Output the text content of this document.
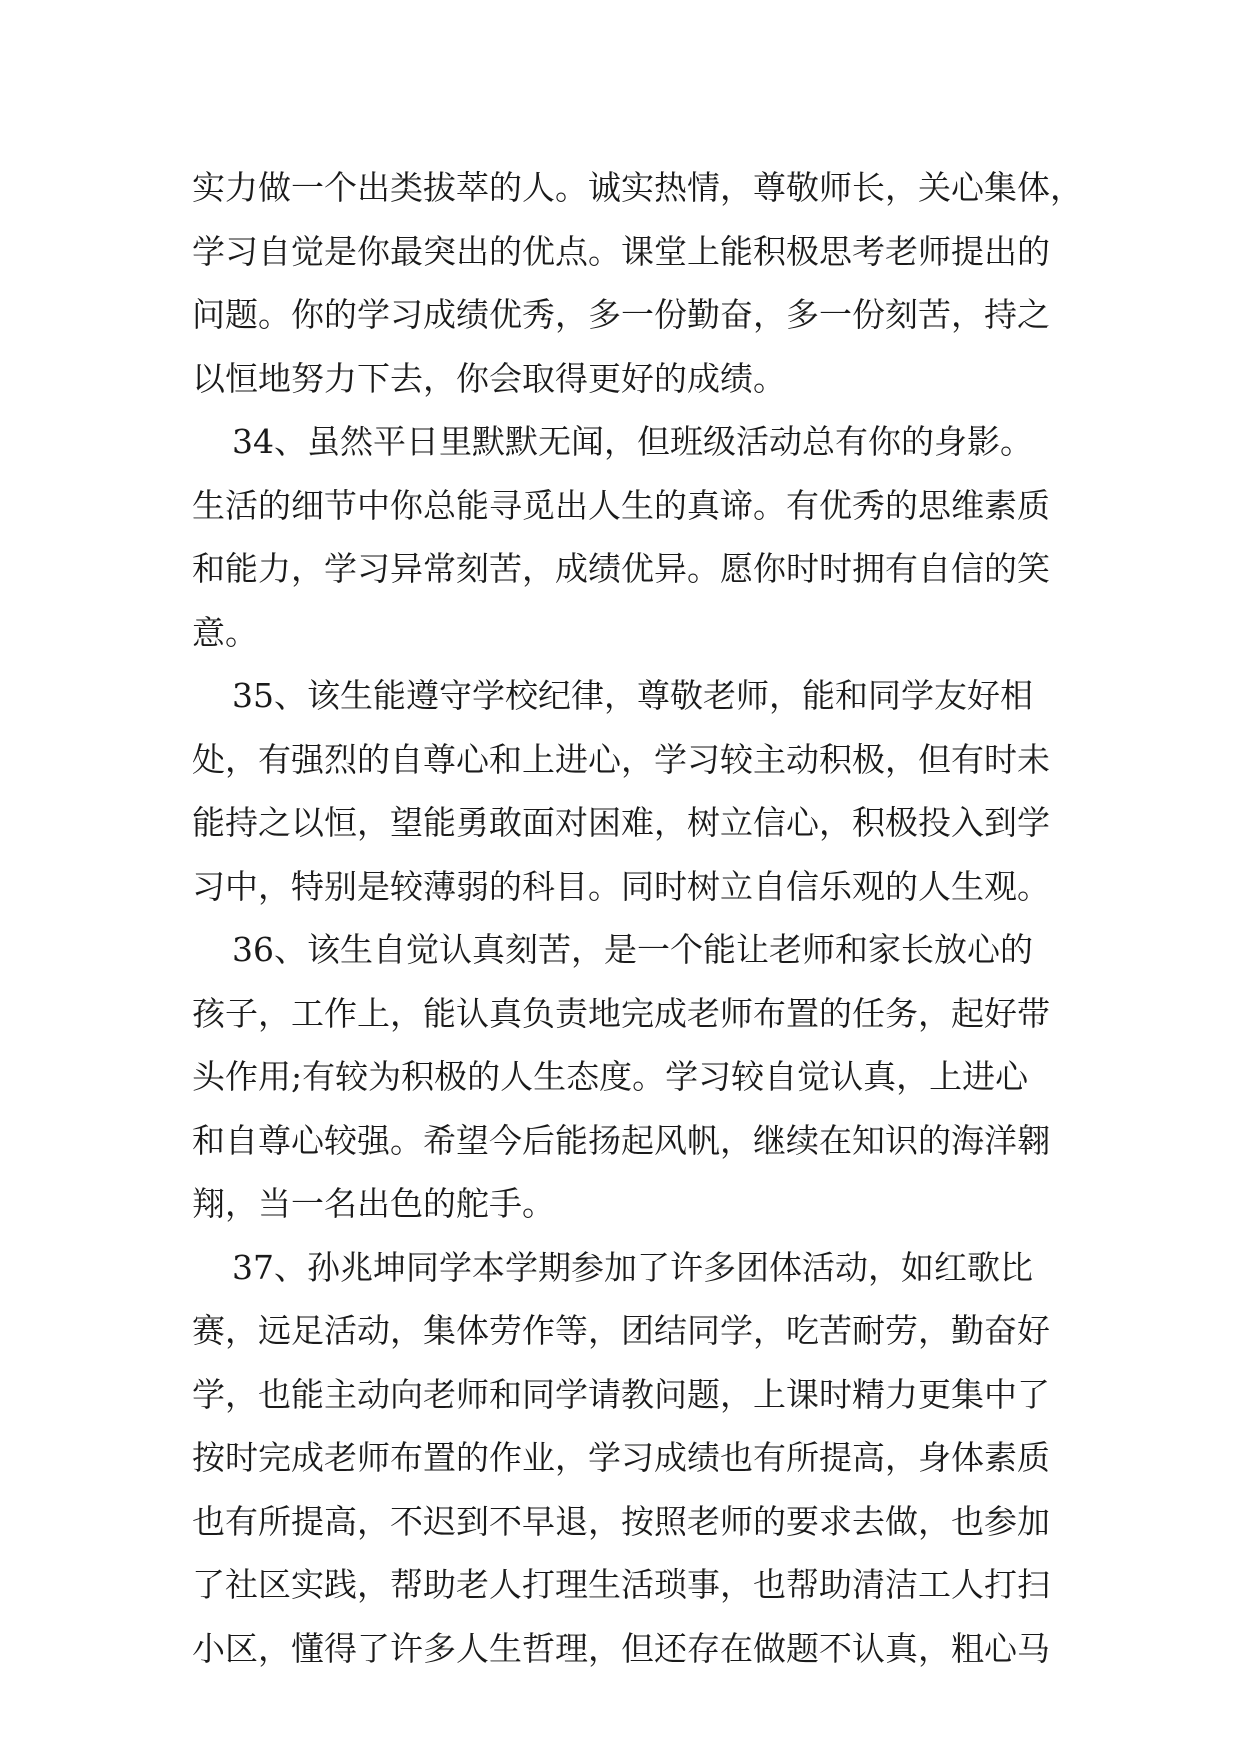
实力做一个出类拔萃的人。诚实热情，尊敬师长，关心集体，
学习自觉是你最突出的优点。课堂上能积极思考老师提出的
问题。你的学习成绩优秀，多一份勤奋，多一份刻苦，持之
以恒地努力下去，你会取得更好的成绩。
34、虽然平日里默默无闻，但班级活动总有你的身影。
生活的细节中你总能寻觅出人生的真谛。有优秀的思维素质
和能力，学习异常刻苦，成绩优异。愿你时时拥有自信的笑
意。
35、该生能遵守学校纪律，尊敬老师，能和同学友好相
处，有强烈的自尊心和上进心，学习较主动积极，但有时未
能持之以恒，望能勇敢面对困难，树立信心，积极投入到学
习中，特别是较薄弱的科目。同时树立自信乐观的人生观。
36、该生自觉认真刻苦，是一个能让老师和家长放心的
孩子，工作上，能认真负责地完成老师布置的任务，起好带
头作用;有较为积极的人生态度。学习较自觉认真，上进心
和自尊心较强。希望今后能扬起风帆，继续在知识的海洋翱
翔，当一名出色的舵手。
37、孙兆坤同学本学期参加了许多团体活动，如红歌比
赛，远足活动，集体劳作等，团结同学，吃苦耐劳，勤奋好
学，也能主动向老师和同学请教问题，上课时精力更集中了
按时完成老师布置的作业，学习成绩也有所提高，身体素质
也有所提高，不迟到不早退，按照老师的要求去做，也参加
了社区实践，帮助老人打理生活琐事，也帮助清洁工人打扫
小区，懂得了许多人生哲理，但还存在做题不认真，粗心马
